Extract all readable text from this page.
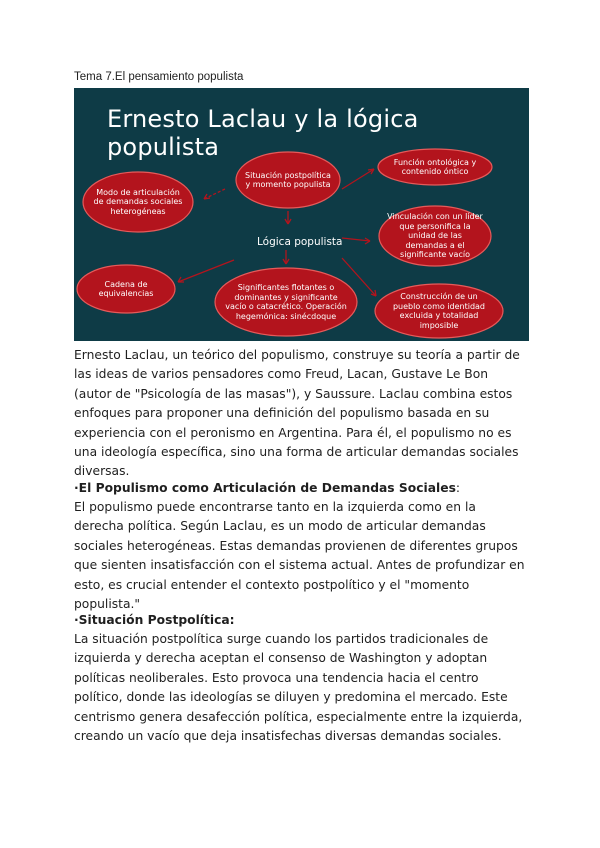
Tema 7.El pensamiento populista
Ernesto Laclau y la lógica populista
Modo de articulación de demandas sociales heterogéneas
Situación postpolítica y momento populista
Función ontológica y contenido óntico
Vinculación con un líder que personifica la unidad de las demandas a el significante vacío
Cadena de equivalencias
Significantes flotantes o dominantes y significante vacío o catacrético. Operación hegemónica: sinécdoque
Construcción de un pueblo como identidad excluida y totalidad imposible
Lógica populista

Ernesto Laclau, un teórico del populismo, construye su teoría a partir de las ideas de varios pensadores como Freud, Lacan, Gustave Le Bon (autor de "Psicología de las masas"), y Saussure. Laclau combina estos enfoques para proponer una definición del populismo basada en su experiencia con el peronismo en Argentina. Para él, el populismo no es una ideología específica, sino una forma de articular demandas sociales diversas.

·El Populismo como Articulación de Demandas Sociales:

El populismo puede encontrarse tanto en la izquierda como en la derecha política. Según Laclau, es un modo de articular demandas sociales heterogéneas. Estas demandas provienen de diferentes grupos que sienten insatisfacción con el sistema actual. Antes de profundizar en esto, es crucial entender el contexto postpolítico y el "momento populista."

·Situación Postpolítica:

La situación postpolítica surge cuando los partidos tradicionales de izquierda y derecha aceptan el consenso de Washington y adoptan políticas neoliberales. Esto provoca una tendencia hacia el centro político, donde las ideologías se diluyen y predomina el mercado. Este centrismo genera desafección política, especialmente entre la izquierda, creando un vacío que deja insatisfechas diversas demandas sociales.
